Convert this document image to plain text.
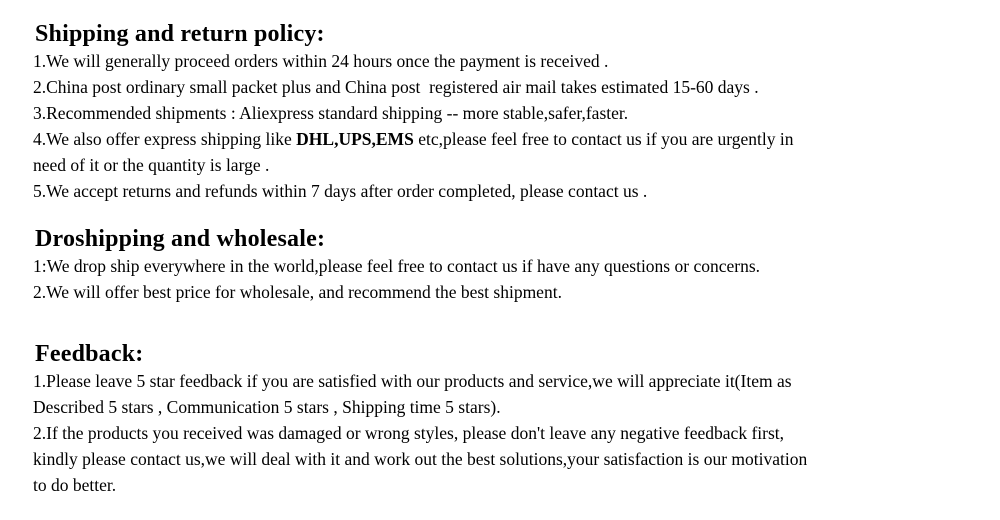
Shipping and return policy:

1.We will generally proceed orders within 24 hours once the payment is received .

2.China post ordinary small packet plus and China post  registered air mail takes estimated 15-60 days .

3.Recommended shipments : Aliexpress standard shipping -- more stable,safer,faster.

4.We also offer express shipping like DHL,UPS,EMS etc,please feel free to contact us if you are urgently in

need of it or the quantity is large .

5.We accept returns and refunds within 7 days after order completed, please contact us .

Droshipping and wholesale:

1:We drop ship everywhere in the world,please feel free to contact us if have any questions or concerns.

2.We will offer best price for wholesale, and recommend the best shipment.

Feedback:

1.Please leave 5 star feedback if you are satisfied with our products and service,we will appreciate it(Item as

Described 5 stars , Communication 5 stars , Shipping time 5 stars).

2.If the products you received was damaged or wrong styles, please don't leave any negative feedback first,

kindly please contact us,we will deal with it and work out the best solutions,your satisfaction is our motivation

to do better.
